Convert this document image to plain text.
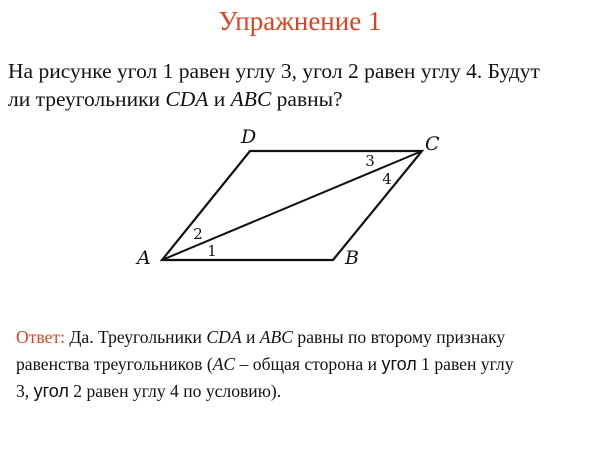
Упражнение 1
На рисунке угол 1 равен углу 3, угол 2 равен углу 4. Будут
ли треугольники CDA и ABC равны?
A	B
C
D
1
2
3
4
Ответ: Да. Треугольники CDA и ABC равны по второму признаку
равенства треугольников (AC – общая сторона и угол 1 равен углу
3, угол 2 равен углу 4 по условию).
